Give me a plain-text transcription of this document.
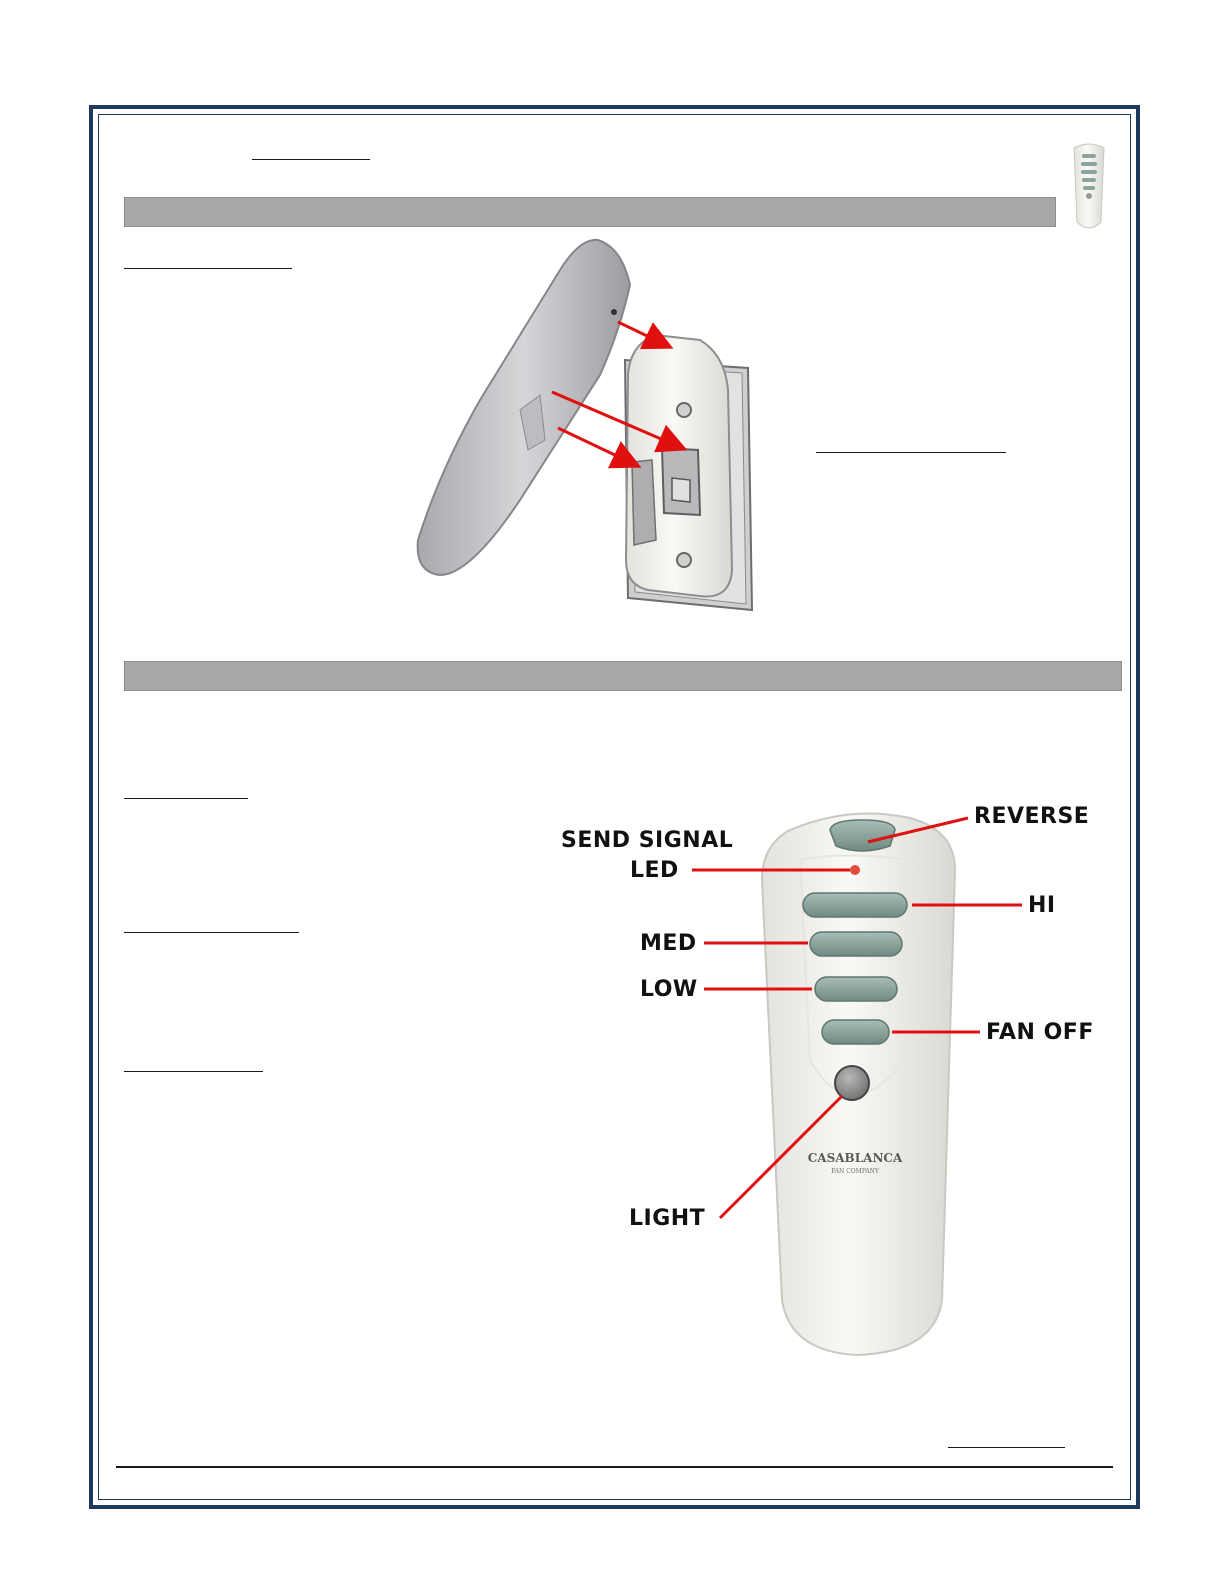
CASABLANCA
FAN COMPANY
REVERSE
SEND SIGNAL
LED
HI
MED
LOW
FAN OFF
LIGHT
